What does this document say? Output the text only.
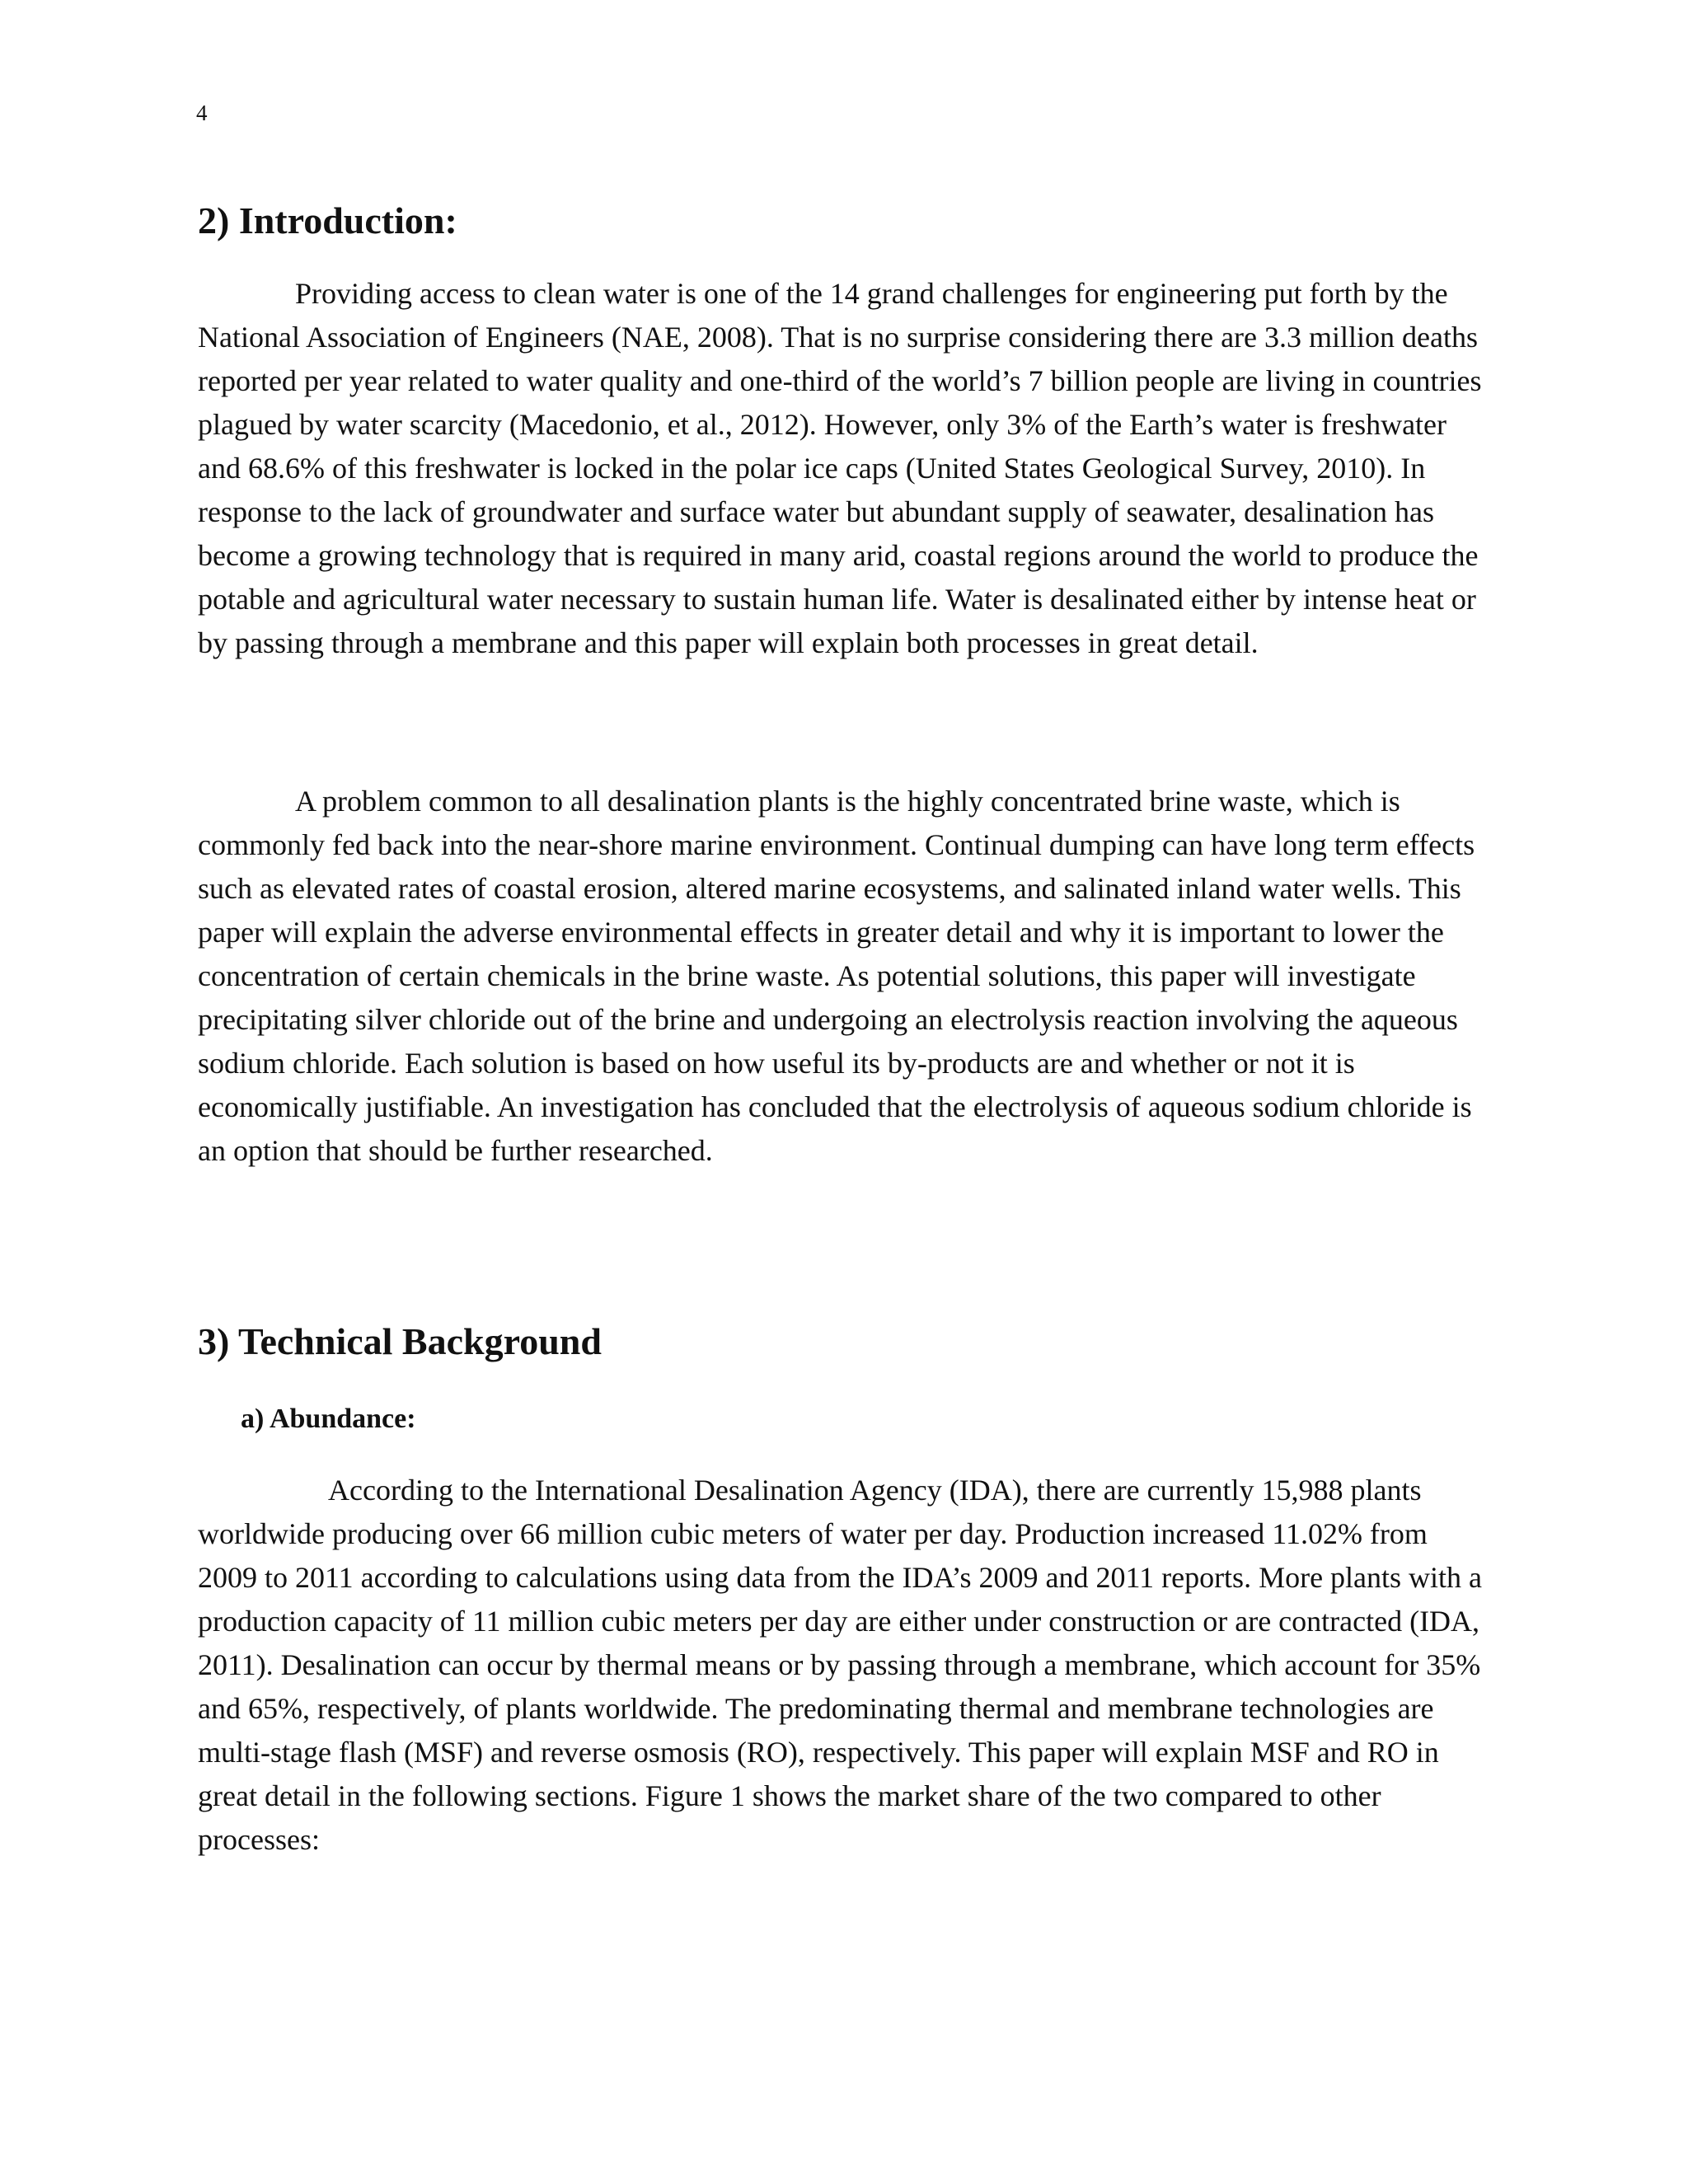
4
2) Introduction:

Providing access to clean water is one of the 14 grand challenges for engineering put forth by the National Association of Engineers (NAE, 2008). That is no surprise considering there are 3.3 million deaths reported per year related to water quality and one-third of the world’s 7 billion people are living in countries plagued by water scarcity (Macedonio, et al., 2012). However, only 3% of the Earth’s water is freshwater and 68.6% of this freshwater is locked in the polar ice caps (United States Geological Survey, 2010). In response to the lack of groundwater and surface water but abundant supply of seawater, desalination has become a growing technology that is required in many arid, coastal regions around the world to produce the potable and agricultural water necessary to sustain human life. Water is desalinated either by intense heat or by passing through a membrane and this paper will explain both processes in great detail.

A problem common to all desalination plants is the highly concentrated brine waste, which is commonly fed back into the near-shore marine environment. Continual dumping can have long term effects such as elevated rates of coastal erosion, altered marine ecosystems, and salinated inland water wells. This paper will explain the adverse environmental effects in greater detail and why it is important to lower the concentration of certain chemicals in the brine waste. As potential solutions, this paper will investigate precipitating silver chloride out of the brine and undergoing an electrolysis reaction involving the aqueous sodium chloride. Each solution is based on how useful its by-products are and whether or not it is economically justifiable. An investigation has concluded that the electrolysis of aqueous sodium chloride is an option that should be further researched.

3) Technical Background
a) Abundance:

According to the International Desalination Agency (IDA), there are currently 15,988 plants worldwide producing over 66 million cubic meters of water per day. Production increased 11.02% from 2009 to 2011 according to calculations using data from the IDA’s 2009 and 2011 reports. More plants with a production capacity of 11 million cubic meters per day are either under construction or are contracted (IDA, 2011). Desalination can occur by thermal means or by passing through a membrane, which account for 35% and 65%, respectively, of plants worldwide. The predominating thermal and membrane technologies are multi-stage flash (MSF) and reverse osmosis (RO), respectively. This paper will explain MSF and RO in great detail in the following sections. Figure 1 shows the market share of the two compared to other processes:
